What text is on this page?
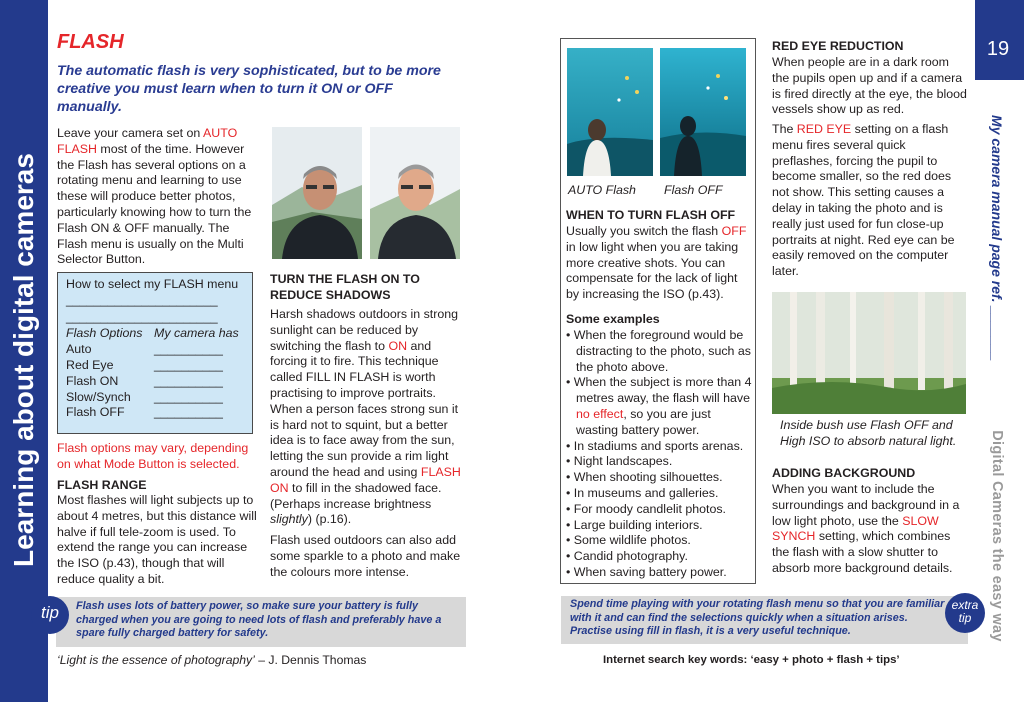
Learning about digital cameras
FLASH
The automatic flash is very sophisticated, but to be more creative you must learn when to turn it ON or OFF manually.
Leave your camera set on AUTO FLASH most of the time. However the Flash has several options on a rotating menu and learning to use these will produce better photos, particularly knowing how to turn the Flash ON & OFF manually. The Flash menu is usually on the Multi Selector Button.
How to select my FLASH menu
______________________
______________________
Flash Options My camera has
Auto	__________
Red Eye	__________
Flash ON	__________
Slow/Synch	__________
Flash OFF	__________
Flash options may vary, depending on what Mode Button is selected.
FLASH RANGE
Most flashes will light subjects up to about 4 metres, but this distance will halve if full tele-zoom is used. To extend the range you can increase the ISO (p.43), though that will reduce quality a bit.
TURN THE FLASH ON TO REDUCE SHADOWS
Harsh shadows outdoors in strong sunlight can be reduced by switching the flash to ON and forcing it to fire. This technique called FILL IN FLASH is worth practising to improve portraits. When a person faces strong sun it is hard not to squint, but a better idea is to face away from the sun, letting the sun provide a rim light around the head and using FLASH ON to fill in the shadowed face. (Perhaps increase brightness slightly) (p.16).
Flash used outdoors can also add some sparkle to a photo and make the colours more intense.
tip	Flash uses lots of battery power, so make sure your battery is fully charged when you are going to need lots of flash and preferably have a spare fully charged battery for safety.
‘Light is the essence of photography’ – J. Dennis Thomas
AUTO Flash Flash OFF
WHEN TO TURN FLASH OFF
Usually you switch the flash OFF in low light when you are taking more creative shots. You can compensate for the lack of light by increasing the ISO (p.43).
Some examples
• When the foreground would be distracting to the photo, such as the photo above.
• When the subject is more than 4 metres away, the flash will have no effect, so you are just wasting battery power.
• In stadiums and sports arenas.
• Night landscapes.
• When shooting silhouettes.
• In museums and galleries.
• For moody candlelit photos.
• Large building interiors.
• Some wildlife photos.
• Candid photography.
• When saving battery power.
RED EYE REDUCTION
When people are in a dark room the pupils open up and if a camera is fired directly at the eye, the blood vessels show up as red.
The RED EYE setting on a flash menu fires several quick preflashes, forcing the pupil to become smaller, so the red does not show. This setting causes a delay in taking the photo and is really just used for fun close-up portraits at night. Red eye can be easily removed on the computer later.
Inside bush use Flash OFF and High ISO to absorb natural light.
ADDING BACKGROUND
When you want to include the surroundings and background in a low light photo, use the SLOW SYNCH setting, which combines the flash with a slow shutter to absorb more background details.
19
My camera manual page ref. _______
Digital Cameras the easy way
Spend time playing with your rotating flash menu so that you are familiar with it and can find the selections quickly when a situation arises. Practise using fill in flash, it is a very useful technique.
extra
tip
Internet search key words: ‘easy + photo + flash + tips’
